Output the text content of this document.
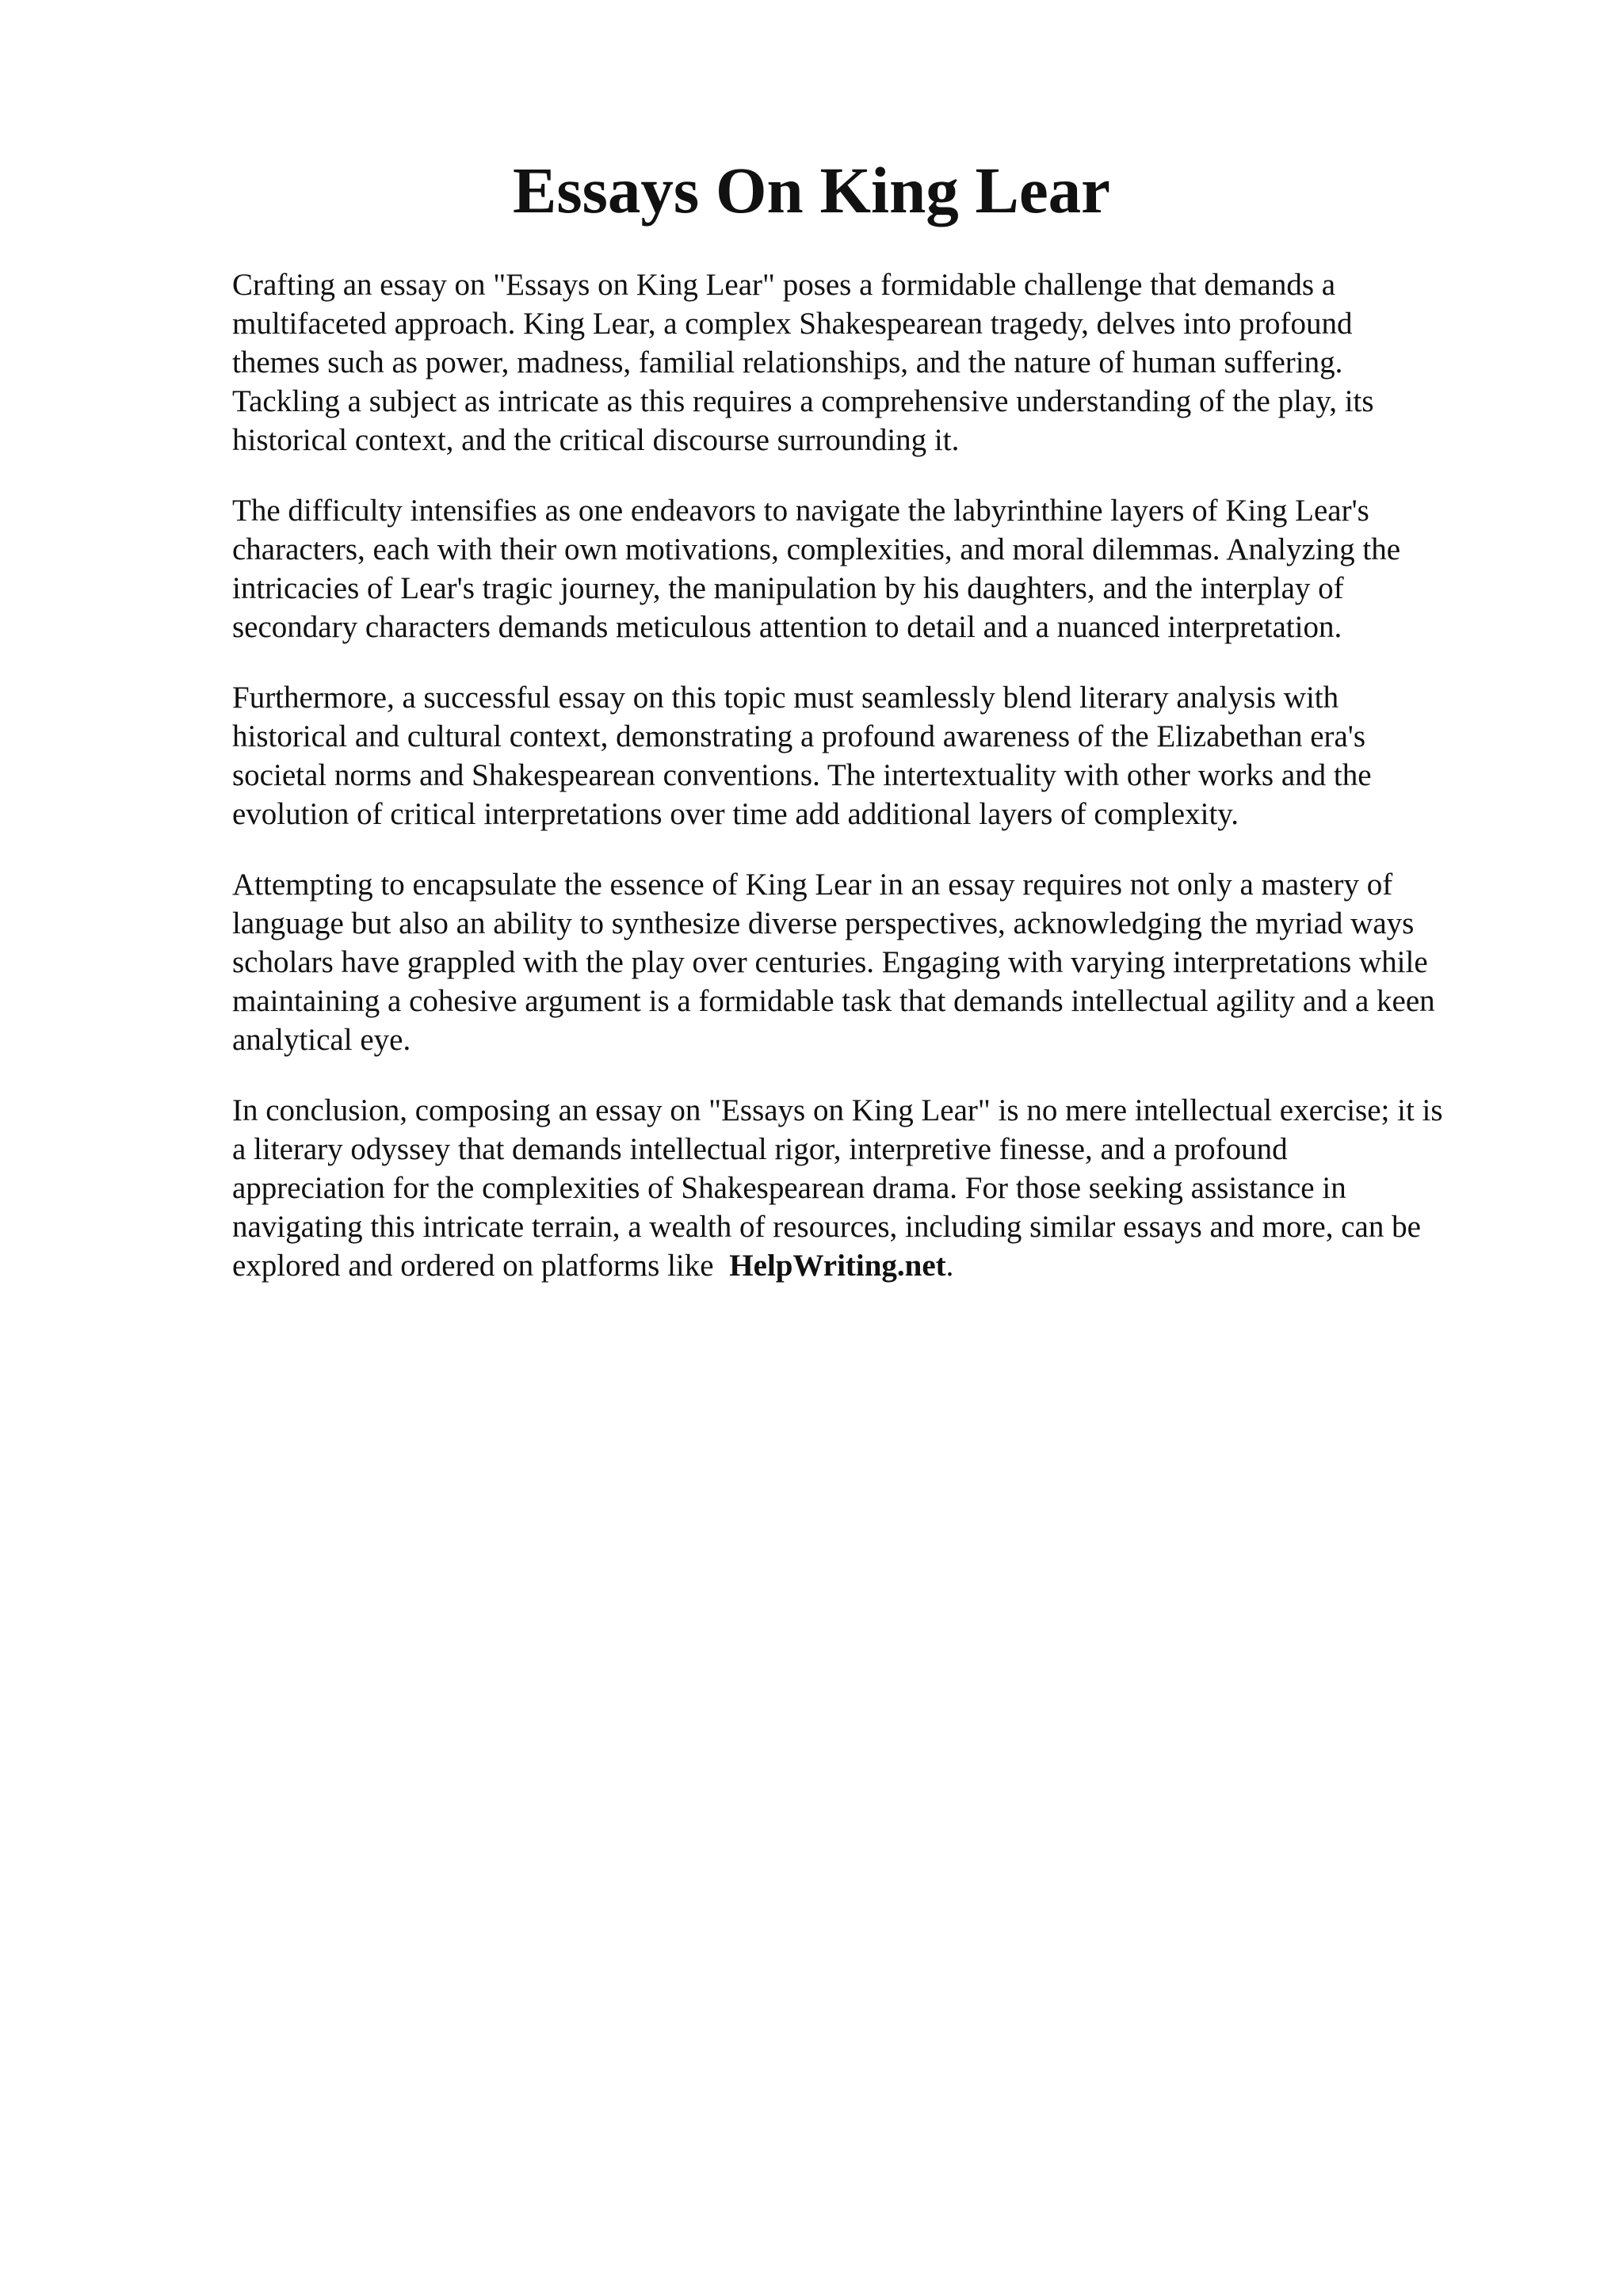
Essays On King Lear

Crafting an essay on "Essays on King Lear" poses a formidable challenge that demands a
multifaceted approach. King Lear, a complex Shakespearean tragedy, delves into profound
themes such as power, madness, familial relationships, and the nature of human suffering.
Tackling a subject as intricate as this requires a comprehensive understanding of the play, its
historical context, and the critical discourse surrounding it.

The difficulty intensifies as one endeavors to navigate the labyrinthine layers of King Lear's
characters, each with their own motivations, complexities, and moral dilemmas. Analyzing the
intricacies of Lear's tragic journey, the manipulation by his daughters, and the interplay of
secondary characters demands meticulous attention to detail and a nuanced interpretation.

Furthermore, a successful essay on this topic must seamlessly blend literary analysis with
historical and cultural context, demonstrating a profound awareness of the Elizabethan era's
societal norms and Shakespearean conventions. The intertextuality with other works and the
evolution of critical interpretations over time add additional layers of complexity.

Attempting to encapsulate the essence of King Lear in an essay requires not only a mastery of
language but also an ability to synthesize diverse perspectives, acknowledging the myriad ways
scholars have grappled with the play over centuries. Engaging with varying interpretations while
maintaining a cohesive argument is a formidable task that demands intellectual agility and a keen
analytical eye.

In conclusion, composing an essay on "Essays on King Lear" is no mere intellectual exercise; it is
a literary odyssey that demands intellectual rigor, interpretive finesse, and a profound
appreciation for the complexities of Shakespearean drama. For those seeking assistance in
navigating this intricate terrain, a wealth of resources, including similar essays and more, can be
explored and ordered on platforms like HelpWriting.net.
